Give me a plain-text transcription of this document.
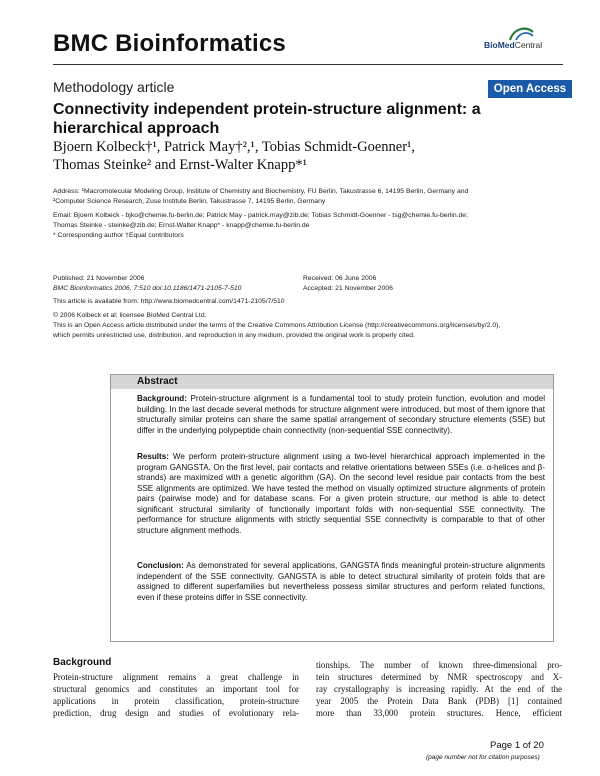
BMC Bioinformatics	BioMedCentral
Methodology article	Open Access
Connectivity independent protein-structure alignment: a hierarchical approach
Bjoern Kolbeck†¹, Patrick May†²,¹, Tobias Schmidt-Goenner¹,
Thomas Steinke² and Ernst-Walter Knapp*¹
Address: ¹Macromolecular Modeling Group, Institute of Chemistry and Biochemistry, FU Berlin, Takustrasse 6, 14195 Berlin, Germany and
²Computer Science Research, Zuse Institute Berlin, Takustrasse 7, 14195 Berlin, Germany
Email: Bjoern Kolbeck - bjko@chemie.fu-berlin.de; Patrick May - patrick.may@zib.de; Tobias Schmidt-Goenner - tsg@chemie.fu-berlin.de;
Thomas Steinke - steinke@zib.de; Ernst-Walter Knapp* - knapp@chemie.fu-berlin.de
* Corresponding author †Equal contributors
Published: 21 November 2006
BMC Bioinformatics 2006, 7:510 doi:10.1186/1471-2105-7-510
Received: 06 June 2006
Accepted: 21 November 2006
This article is available from: http://www.biomedcentral.com/1471-2105/7/510
© 2006 Kolbeck et al; licensee BioMed Central Ltd.
This is an Open Access article distributed under the terms of the Creative Commons Attribution License (http://creativecommons.org/licenses/by/2.0),
which permits unrestricted use, distribution, and reproduction in any medium, provided the original work is properly cited.
Abstract
Background: Protein-structure alignment is a fundamental tool to study protein function, evolution and model building. In the last decade several methods for structure alignment were introduced, but most of them ignore that structurally similar proteins can share the same spatial arrangement of secondary structure elements (SSE) but differ in the underlying polypeptide chain connectivity (non-sequential SSE connectivity).
Results: We perform protein-structure alignment using a two-level hierarchical approach implemented in the program GANGSTA. On the first level, pair contacts and relative orientations between SSEs (i.e. α-helices and β-strands) are maximized with a genetic algorithm (GA). On the second level residue pair contacts from the best SSE alignments are optimized. We have tested the method on visually optimized structure alignments of protein pairs (pairwise mode) and for database scans. For a given protein structure, our method is able to detect significant structural similarity of functionally important folds with non-sequential SSE connectivity. The performance for structure alignments with strictly sequential SSE connectivity is comparable to that of other structure alignment methods.
Conclusion: As demonstrated for several applications, GANGSTA finds meaningful protein-structure alignments independent of the SSE connectivity. GANGSTA is able to detect structural similarity of protein folds that are assigned to different superfamilies but nevertheless possess similar structures and perform related functions, even if these proteins differ in SSE connectivity.
Background
Protein-structure alignment remains a great challenge in
structural genomics and constitutes an important tool for
applications in protein classification, protein-structure
prediction, drug design and studies of evolutionary rela-
tionships. The number of known three-dimensional pro-
tein structures determined by NMR spectroscopy and X-
ray crystallography is increasing rapidly. At the end of the
year 2005 the Protein Data Bank (PDB) [1] contained
more than 33,000 protein structures. Hence, efficient
Page 1 of 20
(page number not for citation purposes)
